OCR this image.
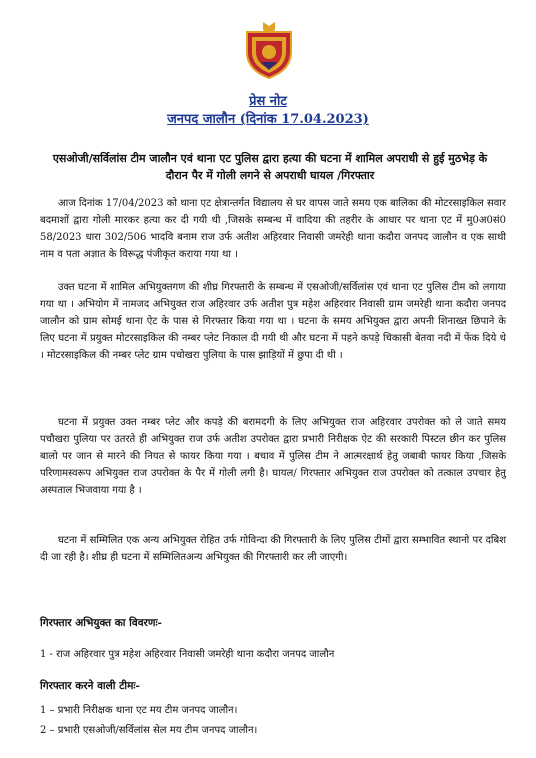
प्रेस नोट
जनपद जालौन (दिनांक 17.04.2023)
एसओजी/सर्विलांस टीम जालौन एवं थाना एट पुलिस द्वारा हत्या की घटना में शामिल अपराधी से हुई मुठभेड़ के दौरान पैर में गोली लगने से अपराधी घायल /गिरफ्तार
आज दिनांक 17/04/2023 को थाना एट क्षेत्रान्तर्गत विद्यालय से घर वापस जाते समय एक बालिका की मोटरसाइकिल सवार बदमाशों द्वारा गोली मारकर हत्या कर दी गयी थी ,जिसके सम्बन्ध में वादिया की तहरीर के आधार पर थाना एट में मु0अ0सं0 58/2023 धारा 302/506 भादवि बनाम राज उर्फ अतीश अहिरवार निवासी जमरेही थाना कदौरा जनपद जालौन व एक साथी नाम व पता अज्ञात के विरूद्ध पंजीकृत कराया गया था ।
उक्त घटना में शामिल अभियुक्तगण की शीघ्र गिरफ्तारी के सम्बन्ध में एसओजी/सर्विलांस एवं थाना एट पुलिस टीम को लगाया गया था । अभियोग में नामजद अभियुक्त राज अहिरवार उर्फ अतीश पुत्र महेश अहिरवार निवासी ग्राम जमरेही थाना कदौरा जनपद जालौन को ग्राम सोमई थाना ऐट के पास से गिरफ्तार किया गया था । घटना के समय अभियुक्त द्वारा अपनी शिनाख्त छिपाने के लिए घटना में प्रयुक्त मोटरसाइकिल की नम्बर प्लेट निकाल दी गयी थी और घटना में पहने कपड़े चिकासी बेतवा नदी में फेंक दिये थे । मोटरसाइकिल की नम्बर प्लेट ग्राम पचोखरा पुलिया के पास झाड़ियों में छुपा दी थी ।
घटना में प्रयुक्त उक्त नम्बर प्लेट और कपड़े की बरामदगी के लिए अभियुक्त राज अहिरवार उपरोक्त को ले जाते समय पचौखरा पुलिया पर उतरते ही अभियुक्त राज उर्फ अतीश उपरोक्त द्वारा प्रभारी निरीक्षक ऐट की सरकारी पिस्टल छीन कर पुलिस बालो पर जान से मारने की नियत से फायर किया गया । बचाव में पुलिस टीम ने आत्मरक्षार्थ हेतु जबाबी फायर किया ,जिसके परिणामस्वरूप अभियुक्त राज उपरोक्त के पैर में गोली लगी है। घायल/ गिरफ्तार अभियुक्त राज उपरोक्त को तत्काल उपचार हेतु अस्पताल भिजवाया गया है ।
घटना में सम्मिलित एक अन्य अभियुक्त रोहित उर्फ गोविन्दा की गिरफ्तारी के लिए पुलिस टीमों द्वारा सम्भावित स्थानो पर दबिश दी जा रही है। शीघ्र ही घटना में सम्मिलितअन्य अभियुक्त की गिरफ्तारी कर ली जाएगी।
गिरफ्तार अभियुक्त का विवरणः-
1 - राज अहिरवार पुत्र महेश अहिरवार निवासी जमरेही थाना कदौरा जनपद जालौन
गिरफ्तार करने वाली टीमः-
1 – प्रभारी निरीक्षक थाना एट मय टीम जनपद जालौन।
2 – प्रभारी एसओजी/सर्विलांस सेल मय टीम जनपद जालौन।
